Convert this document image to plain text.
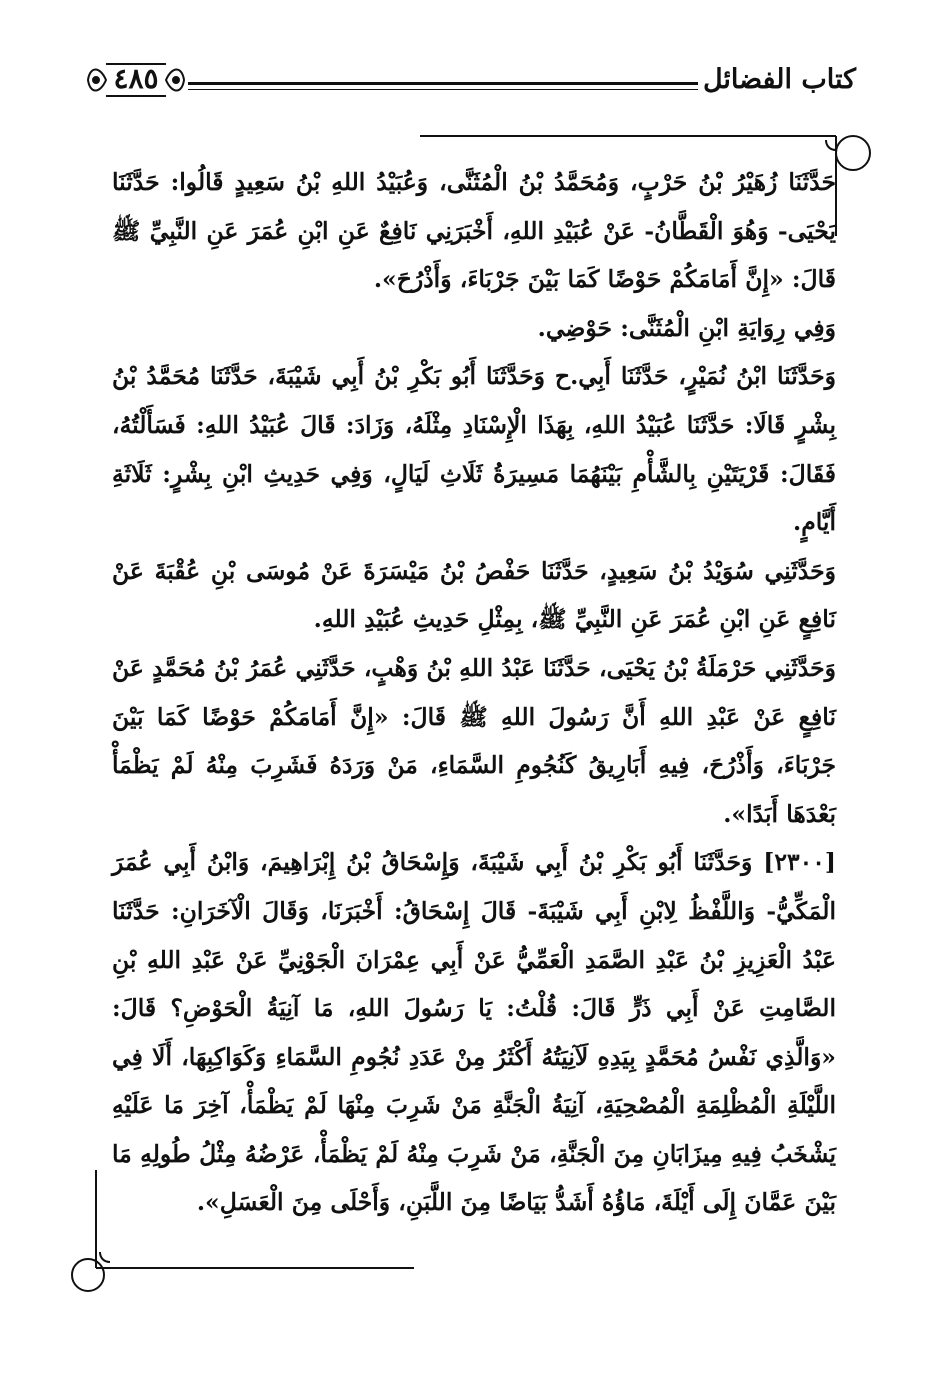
كتاب الفضائل
٤٨٥

حَدَّثَنَا زُهَيْرُ بْنُ حَرْبٍ، وَمُحَمَّدُ بْنُ الْمُثَنَّى، وَعُبَيْدُ اللهِ بْنُ سَعِيدٍ قَالُوا: حَدَّثَنَا يَحْيَى- وَهُوَ الْقَطَّانُ- عَنْ عُبَيْدِ اللهِ، أَخْبَرَنِي نَافِعٌ عَنِ ابْنِ عُمَرَ عَنِ النَّبِيِّ ﷺ قَالَ: «إِنَّ أَمَامَكُمْ حَوْضًا كَمَا بَيْنَ جَرْبَاءَ، وَأَذْرُحَ».

وَفِي رِوَايَةِ ابْنِ الْمُثَنَّى: حَوْضِي.

وَحَدَّثَنَا ابْنُ نُمَيْرٍ، حَدَّثَنَا أَبِي.ح وَحَدَّثَنَا أَبُو بَكْرِ بْنُ أَبِي شَيْبَةَ، حَدَّثَنَا مُحَمَّدُ بْنُ بِشْرٍ قَالَا: حَدَّثَنَا عُبَيْدُ اللهِ، بِهَذَا الْإِسْنَادِ مِثْلَهُ، وَزَادَ: قَالَ عُبَيْدُ اللهِ: فَسَأَلْتُهُ، فَقَالَ: قَرْيَتَيْنِ بِالشَّأْمِ بَيْنَهُمَا مَسِيرَةُ ثَلَاثِ لَيَالٍ، وَفِي حَدِيثِ ابْنِ بِشْرٍ: ثَلَاثَةِ أَيَّامٍ.

وَحَدَّثَنِي سُوَيْدُ بْنُ سَعِيدٍ، حَدَّثَنَا حَفْصُ بْنُ مَيْسَرَةَ عَنْ مُوسَى بْنِ عُقْبَةَ عَنْ نَافِعٍ عَنِ ابْنِ عُمَرَ عَنِ النَّبِيِّ ﷺ، بِمِثْلِ حَدِيثِ عُبَيْدِ اللهِ.

وَحَدَّثَنِي حَرْمَلَةُ بْنُ يَحْيَى، حَدَّثَنَا عَبْدُ اللهِ بْنُ وَهْبٍ، حَدَّثَنِي عُمَرُ بْنُ مُحَمَّدٍ عَنْ نَافِعٍ عَنْ عَبْدِ اللهِ أَنَّ رَسُولَ اللهِ ﷺ قَالَ: «إِنَّ أَمَامَكُمْ حَوْضًا كَمَا بَيْنَ جَرْبَاءَ، وَأَذْرُحَ، فِيهِ أَبَارِيقُ كَنُجُومِ السَّمَاءِ، مَنْ وَرَدَهُ فَشَرِبَ مِنْهُ لَمْ يَظْمَأْ بَعْدَهَا أَبَدًا».

[٢٣٠٠] وَحَدَّثَنَا أَبُو بَكْرِ بْنُ أَبِي شَيْبَةَ، وَإِسْحَاقُ بْنُ إِبْرَاهِيمَ، وَابْنُ أَبِي عُمَرَ الْمَكِّيُّ- وَاللَّفْظُ لِابْنِ أَبِي شَيْبَةَ- قَالَ إِسْحَاقُ: أَخْبَرَنَا، وَقَالَ الْآخَرَانِ: حَدَّثَنَا عَبْدُ الْعَزِيزِ بْنُ عَبْدِ الصَّمَدِ الْعَمِّيُّ عَنْ أَبِي عِمْرَانَ الْجَوْنِيِّ عَنْ عَبْدِ اللهِ بْنِ الصَّامِتِ عَنْ أَبِي ذَرٍّ قَالَ: قُلْتُ: يَا رَسُولَ اللهِ، مَا آنِيَةُ الْحَوْضِ؟ قَالَ: «وَالَّذِي نَفْسُ مُحَمَّدٍ بِيَدِهِ لَآنِيَتُهُ أَكْثَرُ مِنْ عَدَدِ نُجُومِ السَّمَاءِ وَكَوَاكِبِهَا، أَلَا فِي اللَّيْلَةِ الْمُظْلِمَةِ الْمُصْحِيَةِ، آنِيَةُ الْجَنَّةِ مَنْ شَرِبَ مِنْهَا لَمْ يَظْمَأْ، آخِرَ مَا عَلَيْهِ يَشْخَبُ فِيهِ مِيزَابَانِ مِنَ الْجَنَّةِ، مَنْ شَرِبَ مِنْهُ لَمْ يَظْمَأْ، عَرْضُهُ مِثْلُ طُولِهِ مَا بَيْنَ عَمَّانَ إِلَى أَيْلَةَ، مَاؤُهُ أَشَدُّ بَيَاضًا مِنَ اللَّبَنِ، وَأَحْلَى مِنَ الْعَسَلِ».
